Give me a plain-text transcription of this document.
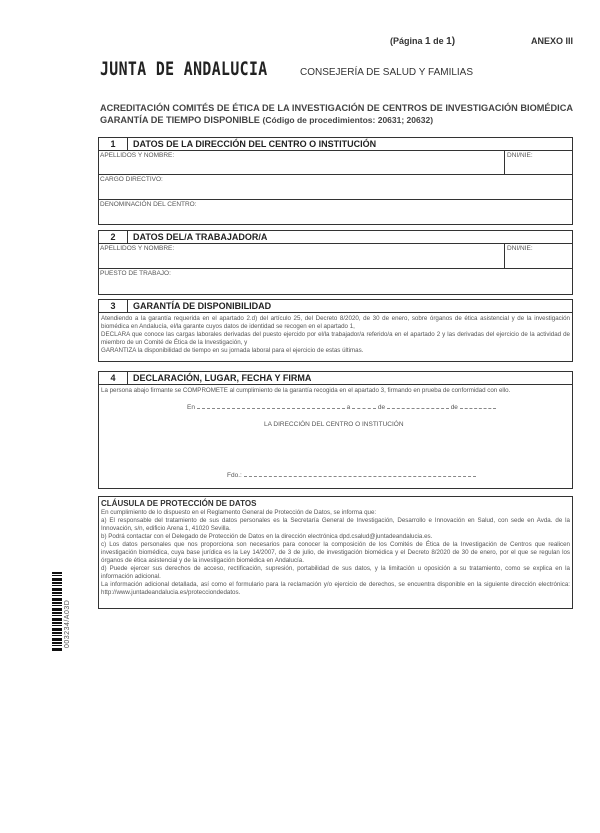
(Página 1 de 1)	ANEXO III
JUNTA DE ANDALUCIA	CONSEJERÍA DE SALUD Y FAMILIAS
ACREDITACIÓN COMITÉS DE ÉTICA DE LA INVESTIGACIÓN DE CENTROS DE INVESTIGACIÓN BIOMÉDICA
GARANTÍA DE TIEMPO DISPONIBLE (Código de procedimientos: 20631; 20632)
1	DATOS DE LA DIRECCIÓN DEL CENTRO O INSTITUCIÓN
APELLIDOS Y NOMBRE:	DNI/NIE:
CARGO DIRECTIVO:
DENOMINACIÓN DEL CENTRO:
2	DATOS DEL/A TRABAJADOR/A
APELLIDOS Y NOMBRE:	DNI/NIE:
PUESTO DE TRABAJO:
3	GARANTÍA DE DISPONIBILIDAD
Atendiendo a la garantía requerida en el apartado 2.d) del artículo 25, del Decreto 8/2020, de 30 de enero, sobre órganos de ética asistencial y de la investigación biomédica en Andalucía, el/la garante cuyos datos de identidad se recogen en el apartado 1,
DECLARA que conoce las cargas laborales derivadas del puesto ejercido por el/la trabajador/a referido/a en el apartado 2 y las derivadas del ejercicio de la actividad de miembro de un Comité de Ética de la Investigación, y
GARANTIZA la disponibilidad de tiempo en su jornada laboral para el ejercicio de estas últimas.
4	DECLARACIÓN, LUGAR, FECHA Y FIRMA
La persona abajo firmante se COMPROMETE al cumplimiento de la garantía recogida en el apartado 3, firmando en prueba de conformidad con ello.
En	a	de	de
LA DIRECCIÓN DEL CENTRO O INSTITUCIÓN
Fdo.:
CLÁUSULA DE PROTECCIÓN DE DATOS
En cumplimiento de lo dispuesto en el Reglamento General de Protección de Datos, se informa que:
a) El responsable del tratamiento de sus datos personales es la Secretaría General de Investigación, Desarrollo e Innovación en Salud, con sede en Avda. de la Innovación, s/n, edificio Arena 1, 41020 Sevilla.
b) Podrá contactar con el Delegado de Protección de Datos en la dirección electrónica dpd.csalud@juntadeandalucia.es.
c) Los datos personales que nos proporciona son necesarios para conocer la composición de los Comités de Ética de la Investigación de Centros que realicen investigación biomédica, cuya base jurídica es la Ley 14/2007, de 3 de julio, de investigación biomédica y el Decreto 8/2020 de 30 de enero, por el que se regulan los órganos de ética asistencial y de la investigación biomédica en Andalucía.
d) Puede ejercer sus derechos de acceso, rectificación, supresión, portabilidad de sus datos, y la limitación u oposición a su tratamiento, como se explica en la información adicional.
La información adicional detallada, así como el formulario para la reclamación y/o ejercicio de derechos, se encuentra disponible en la siguiente dirección electrónica: http://www.juntadeandalucia.es/protecciondedatos.
003234/A03D
